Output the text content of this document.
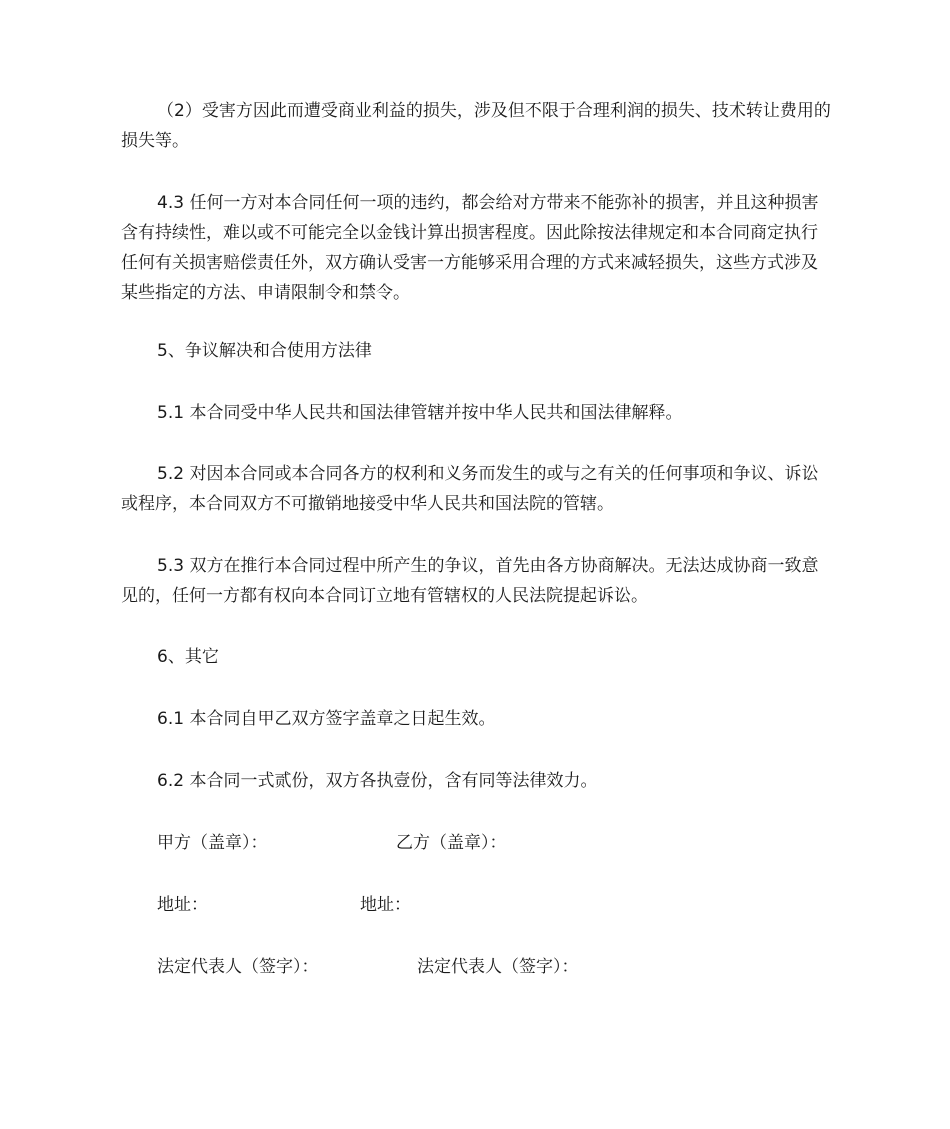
（2）受害方因此而遭受商业利益的损失，涉及但不限于合理利润的损失、技术转让费用的损失等。

4.3 任何一方对本合同任何一项的违约，都会给对方带来不能弥补的损害，并且这种损害含有持续性，难以或不可能完全以金钱计算出损害程度。因此除按法律规定和本合同商定执行任何有关损害赔偿责任外，双方确认受害一方能够采用合理的方式来减轻损失，这些方式涉及某些指定的方法、申请限制令和禁令。

5、争议解决和合使用方法律

5.1 本合同受中华人民共和国法律管辖并按中华人民共和国法律解释。

5.2 对因本合同或本合同各方的权利和义务而发生的或与之有关的任何事项和争议、诉讼或程序，本合同双方不可撤销地接受中华人民共和国法院的管辖。

5.3 双方在推行本合同过程中所产生的争议，首先由各方协商解决。无法达成协商一致意见的，任何一方都有权向本合同订立地有管辖权的人民法院提起诉讼。

6、其它

6.1 本合同自甲乙双方签字盖章之日起生效。

6.2 本合同一式贰份，双方各执壹份，含有同等法律效力。

甲方（盖章）：	乙方（盖章）：
地址：	地址：
法定代表人（签字）：	法定代表人（签字）：
